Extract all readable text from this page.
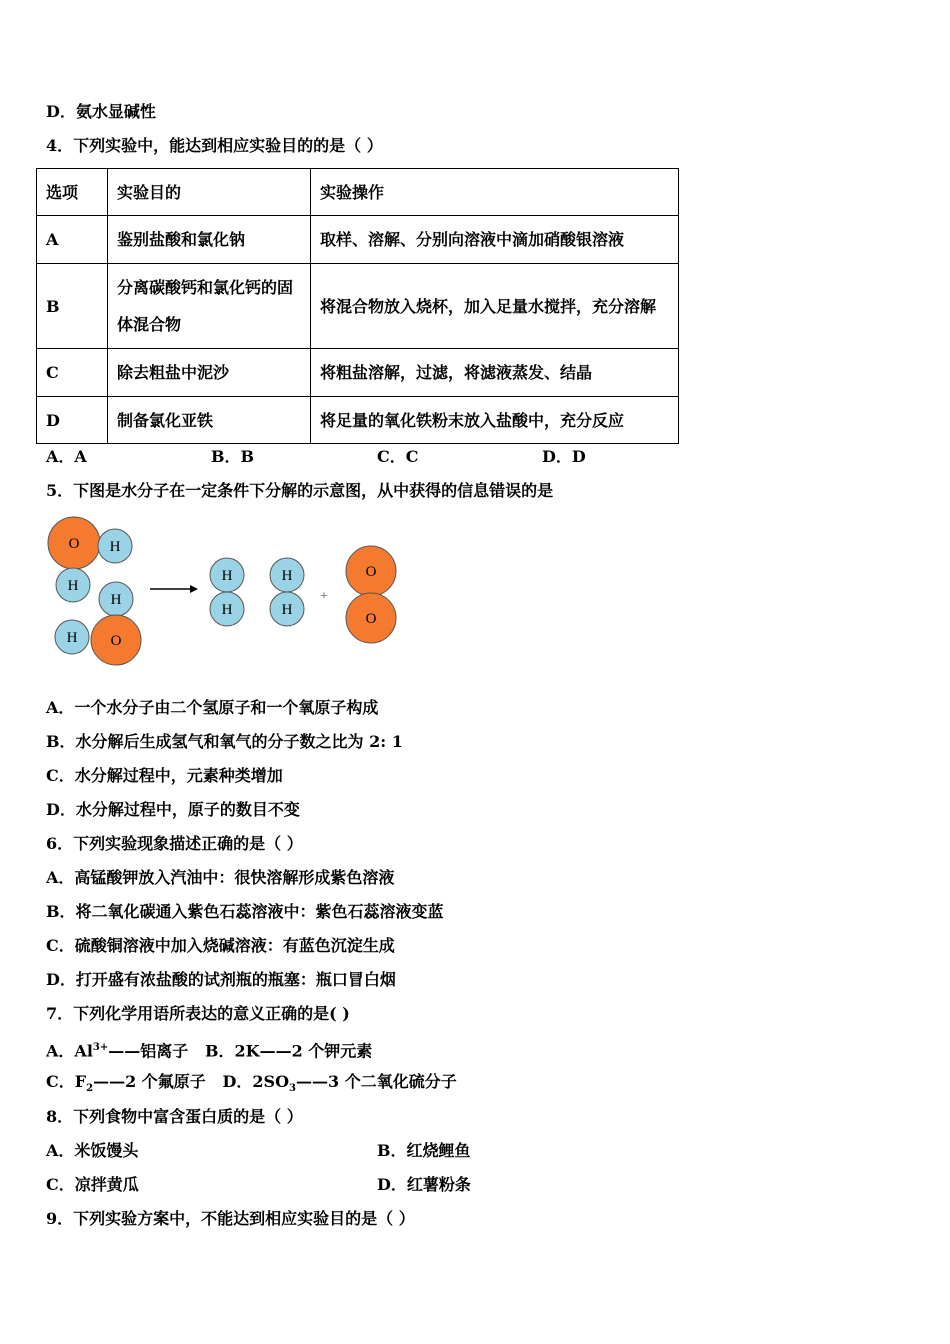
D．氨水显碱性
4．下列实验中，能达到相应实验目的的是（ ）
选项	实验目的	实验操作
A	鉴别盐酸和氯化钠	取样、溶解、分别向溶液中滴加硝酸银溶液
B	分离碳酸钙和氯化钙的固体混合物	将混合物放入烧杯，加入足量水搅拌，充分溶解
C	除去粗盐中泥沙	将粗盐溶解，过滤，将滤液蒸发、结晶
D	制备氯化亚铁	将足量的氧化铁粉末放入盐酸中，充分反应
A．A	B．B	C．C	D．D
5．下图是水分子在一定条件下分解的示意图，从中获得的信息错误的是
O H
H
H
H O
H
H
H
H
+
O
O
A．一个水分子由二个氢原子和一个氧原子构成
B．水分解后生成氢气和氧气的分子数之比为 2: 1
C．水分解过程中，元素种类增加
D．水分解过程中，原子的数目不变
6．下列实验现象描述正确的是（ ）
A．高锰酸钾放入汽油中：很快溶解形成紫色溶液
B．将二氧化碳通入紫色石蕊溶液中：紫色石蕊溶液变蓝
C．硫酸铜溶液中加入烧碱溶液：有蓝色沉淀生成
D．打开盛有浓盐酸的试剂瓶的瓶塞：瓶口冒白烟
7．下列化学用语所表达的意义正确的是( )
A．$Al^{3+}——$铝离子 B．2K——2 个钾元素
C．$F_2——2$ 个氟原子 D．$2SO_3——3$ 个二氧化硫分子
8．下列食物中富含蛋白质的是（ ）
A．米饭馒头	B．红烧鲤鱼
C．凉拌黄瓜	D．红薯粉条
9．下列实验方案中，不能达到相应实验目的是（ ）
